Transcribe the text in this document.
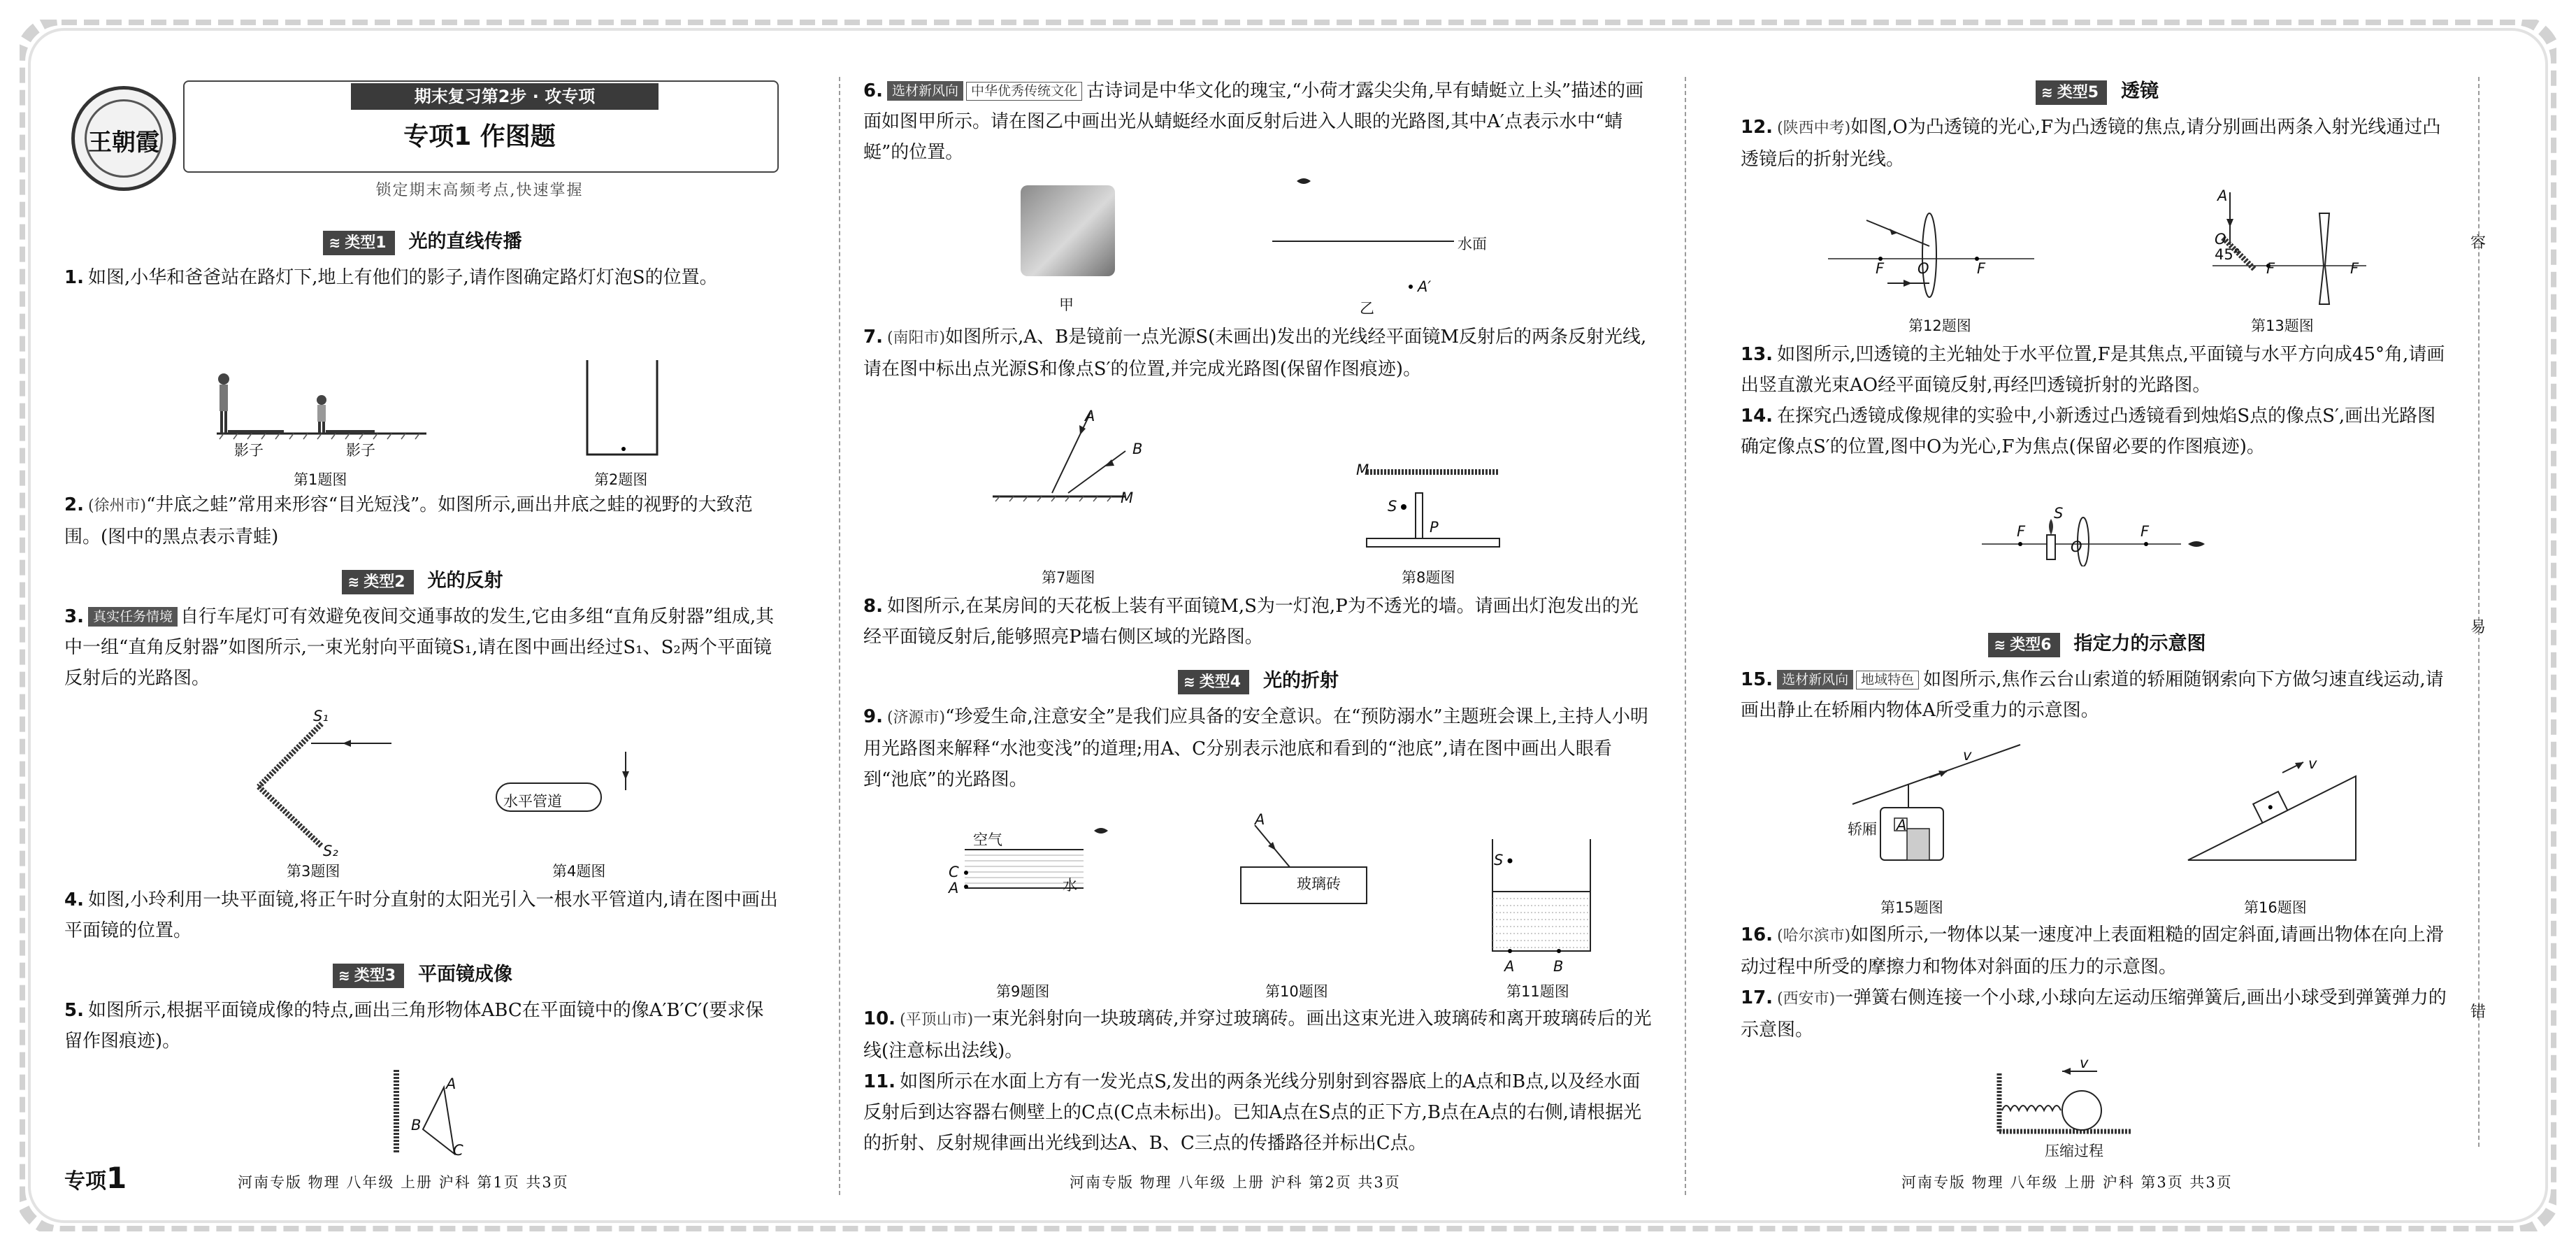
王朝霞
期末复习第2步 · 攻专项
专项1 作图题
锁定期末高频考点,快速掌握
≋ 类型1 光的直线传播

1. 如图,小华和爸爸站在路灯下,地上有他们的影子,请作图确定路灯灯泡S的位置。

影子	影子
第1题图	第2题图

2. (徐州市)“井底之蛙”常用来形容“目光短浅”。如图所示,画出井底之蛙的视野的大致范围。(图中的黑点表示青蛙)

≋ 类型2 光的反射

3. 真实任务情境 自行车尾灯可有效避免夜间交通事故的发生,它由多组“直角反射器”组成,其中一组“直角反射器”如图所示,一束光射向平面镜S₁,请在图中画出经过S₁、S₂两个平面镜反射后的光路图。

S₁
S₂
第3题图
水平管道
第4题图

4. 如图,小玲利用一块平面镜,将正午时分直射的太阳光引入一根水平管道内,请在图中画出平面镜的位置。

≋ 类型3 平面镜成像

5. 如图所示,根据平面镜成像的特点,画出三角形物体ABC在平面镜中的像A′B′C′(要求保留作图痕迹)。

A
B
C
专项1	河南专版 物理 八年级 上册 沪科 第1页 共3页

6. 选材新风向 中华优秀传统文化 古诗词是中华文化的瑰宝,“小荷才露尖尖角,早有蜻蜓立上头”描述的画面如图甲所示。请在图乙中画出光从蜻蜓经水面反射后进入人眼的光路图,其中A′点表示水中“蜻蜓”的位置。

甲
水面
A′
乙

7. (南阳市)如图所示,A、B是镜前一点光源S(未画出)发出的光线经平面镜M反射后的两条反射光线,请在图中标出点光源S和像点S′的位置,并完成光路图(保留作图痕迹)。

A
B
M
第7题图
M
S
P
第8题图

8. 如图所示,在某房间的天花板上装有平面镜M,S为一灯泡,P为不透光的墙。请画出灯泡发出的光经平面镜反射后,能够照亮P墙右侧区域的光路图。

≋ 类型4 光的折射

9. (济源市)“珍爱生命,注意安全”是我们应具备的安全意识。在“预防溺水”主题班会课上,主持人小明用光路图来解释“水池变浅”的道理;用A、C分别表示池底和看到的“池底”,请在图中画出人眼看到“池底”的光路图。

空气
水
C
A
第9题图
A
玻璃砖
第10题图
S
A	B
第11题图

10. (平顶山市)一束光斜射向一块玻璃砖,并穿过玻璃砖。画出这束光进入玻璃砖和离开玻璃砖后的光线(注意标出法线)。

11. 如图所示在水面上方有一发光点S,发出的两条光线分别射到容器底上的A点和B点,以及经水面反射后到达容器右侧壁上的C点(C点未标出)。已知A点在S点的正下方,B点在A点的右侧,请根据光的折射、反射规律画出光线到达A、B、C三点的传播路径并标出C点。

河南专版 物理 八年级 上册 沪科 第2页 共3页
≋ 类型5 透镜

12. (陕西中考)如图,O为凸透镜的光心,F为凸透镜的焦点,请分别画出两条入射光线通过凸透镜后的折射光线。

F O	F
第12题图
A
O
45°
F	F
第13题图

13. 如图所示,凹透镜的主光轴处于水平位置,F是其焦点,平面镜与水平方向成45°角,请画出竖直激光束AO经平面镜反射,再经凹透镜折射的光路图。

14. 在探究凸透镜成像规律的实验中,小新透过凸透镜看到烛焰S点的像点S′,画出光路图确定像点S′的位置,图中O为光心,F为焦点(保留必要的作图痕迹)。

F
S
O
F
≋ 类型6 指定力的示意图

15. 选材新风向 地域特色 如图所示,焦作云台山索道的轿厢随钢索向下方做匀速直线运动,请画出静止在轿厢内物体A所受重力的示意图。

v
轿厢 A
第15题图
v
第16题图

16. (哈尔滨市)如图所示,一物体以某一速度冲上表面粗糙的固定斜面,请画出物体在向上滑动过程中所受的摩擦力和物体对斜面的压力的示意图。

17. (西安市)一弹簧右侧连接一个小球,小球向左运动压缩弹簧后,画出小球受到弹簧弹力的示意图。

v
压缩过程
河南专版 物理 八年级 上册 沪科 第3页 共3页
容
易
错
